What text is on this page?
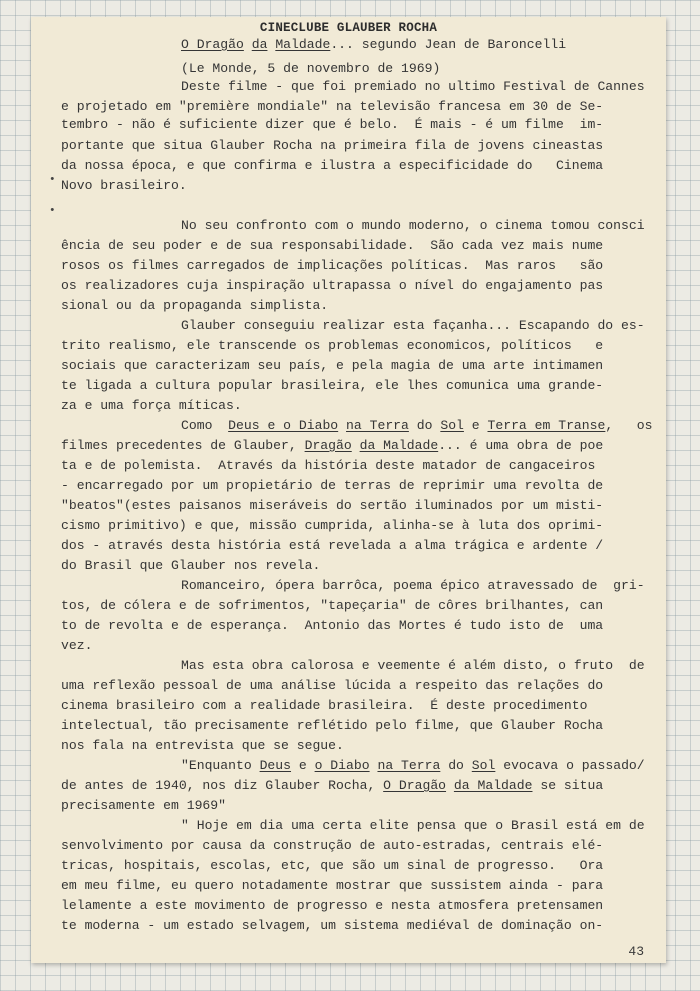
CINECLUBE GLAUBER ROCHA
O Dragão da Maldade... segundo Jean de Baroncelli
(Le Monde, 5 de novembro de 1969)
Deste filme - que foi premiado no ultimo Festival de Cannes
e projetado em "première mondiale" na televisão francesa em 30 de Se-
tembro - não é suficiente dizer que é belo.  É mais - é um filme  im-
portante que situa Glauber Rocha na primeira fila de jovens cineastas
da nossa época, e que confirma e ilustra a especificidade do   Cinema
Novo brasileiro.
No seu confronto com o mundo moderno, o cinema tomou consci
ência de seu poder e de sua responsabilidade.  São cada vez mais nume
rosos os filmes carregados de implicações políticas.  Mas raros   são
os realizadores cuja inspiração ultrapassa o nível do engajamento pas
sional ou da propaganda simplista.
Glauber conseguiu realizar esta façanha... Escapando do es-
trito realismo, ele transcende os problemas economicos, políticos   e
sociais que caracterizam seu país, e pela magia de uma arte intimamen
te ligada a cultura popular brasileira, ele lhes comunica uma grande-
za e uma força míticas.
Como  Deus e o Diabo na Terra do Sol e Terra em Transe,   os
filmes precedentes de Glauber, Dragão da Maldade... é uma obra de poe
ta e de polemista.  Através da história deste matador de cangaceiros
- encarregado por um propietário de terras de reprimir uma revolta de
"beatos"(estes paisanos miseráveis do sertão iluminados por um misti-
cismo primitivo) e que, missão cumprida, alinha-se à luta dos oprimi-
dos - através desta história está revelada a alma trágica e ardente /
do Brasil que Glauber nos revela.
Romanceiro, ópera barrôca, poema épico atravessado de  gri-
tos, de cólera e de sofrimentos, "tapeçaria" de côres brilhantes, can
to de revolta e de esperança.  Antonio das Mortes é tudo isto de  uma
vez.
Mas esta obra calorosa e veemente é além disto, o fruto  de
uma reflexão pessoal de uma análise lúcida a respeito das relações do
cinema brasileiro com a realidade brasileira.  É deste procedimento
intelectual, tão precisamente reflétido pelo filme, que Glauber Rocha
nos fala na entrevista que se segue.
"Enquanto Deus e o Diabo na Terra do Sol evocava o passado/
de antes de 1940, nos diz Glauber Rocha, O Dragão da Maldade se situa
precisamente em 1969"
" Hoje em dia uma certa elite pensa que o Brasil está em de
senvolvimento por causa da construção de auto-estradas, centrais elé-
tricas, hospitais, escolas, etc, que são um sinal de progresso.   Ora
em meu filme, eu quero notadamente mostrar que sussistem ainda - para
lelamente a este movimento de progresso e nesta atmosfera pretensamen
te moderna - um estado selvagem, um sistema mediéval de dominação on-
•
•
43
